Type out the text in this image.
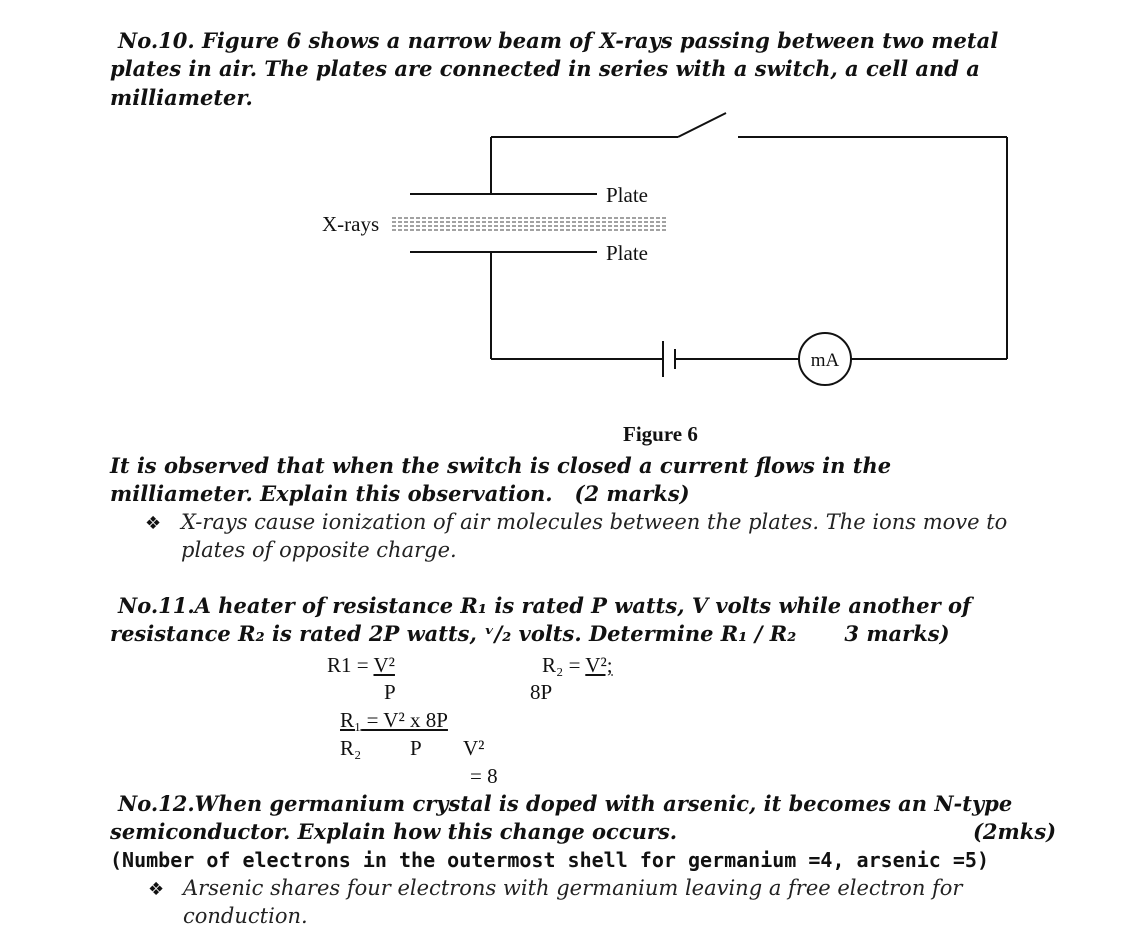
No.10. Figure 6 shows a narrow beam of X-rays passing between two metal
plates in air. The plates are connected in series with a switch, a cell and a
milliameter.
X-rays
Plate
Plate
mA
Figure 6
It is observed that when the switch is closed a current flows in the
milliameter. Explain this observation. (2 marks)
❖ X-rays cause ionization of air molecules between the plates. The ions move to
plates of opposite charge.
No.11.A heater of resistance R₁ is rated P watts, V volts while another of
resistance R₂ is rated 2P watts, ᵛ/₂ volts. Determine R₁ / R₂ 3 marks)
R1 = V²
P
R₂ = V²;
8P
R₁ = V² x 8P
R₂ P V²
= 8
No.12.When germanium crystal is doped with arsenic, it becomes an N-type
semiconductor. Explain how this change occurs.	(2mks)
(Number of electrons in the outermost shell for germanium =4, arsenic =5)
❖ Arsenic shares four electrons with germanium leaving a free electron for
conduction.
